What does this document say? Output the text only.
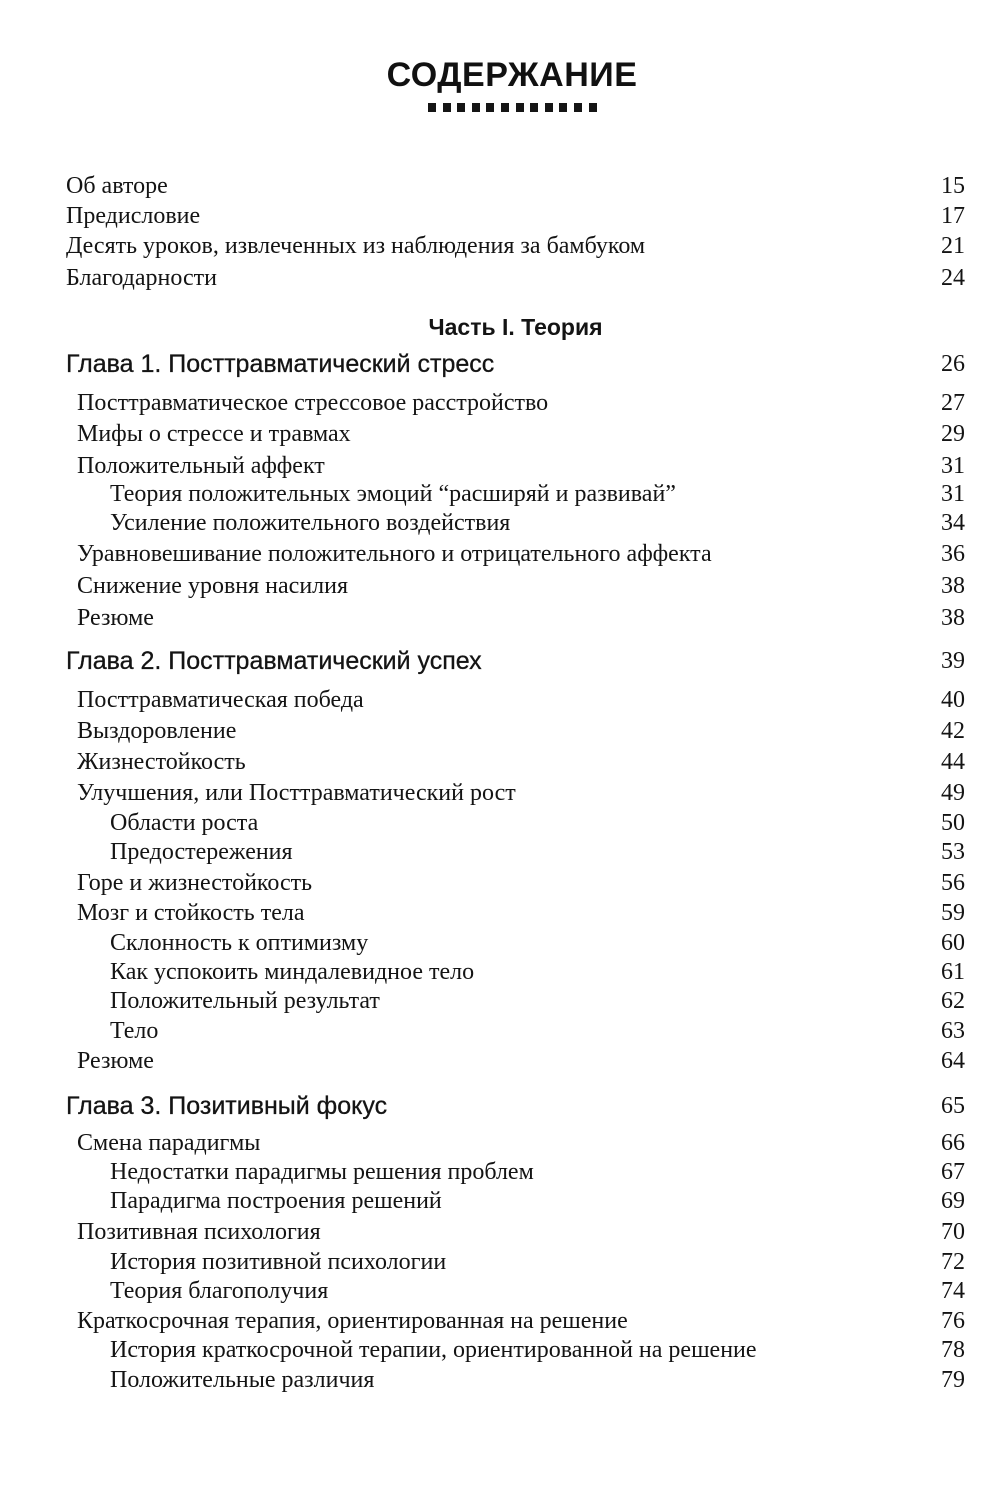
СОДЕРЖАНИЕ
Об авторе	15
Предисловие	17
Десять уроков, извлеченных из наблюдения за бамбуком	21
Благодарности	24
Часть I. Теория
Глава 1. Посттравматический стресс	26
Посттравматическое стрессовое расстройство	27
Мифы о стрессе и травмах	29
Положительный аффект	31
Теория положительных эмоций “расширяй и развивай”	31
Усиление положительного воздействия	34
Уравновешивание положительного и отрицательного аффекта	36
Снижение уровня насилия	38
Резюме	38
Глава 2. Посттравматический успех	39
Посттравматическая победа	40
Выздоровление	42
Жизнестойкость	44
Улучшения, или Посттравматический рост	49
Области роста	50
Предостережения	53
Горе и жизнестойкость	56
Мозг и стойкость тела	59
Склонность к оптимизму	60
Как успокоить миндалевидное тело	61
Положительный результат	62
Тело	63
Резюме	64
Глава 3. Позитивный фокус	65
Смена парадигмы	66
Недостатки парадигмы решения проблем	67
Парадигма построения решений	69
Позитивная психология	70
История позитивной психологии	72
Теория благополучия	74
Краткосрочная терапия, ориентированная на решение	76
История краткосрочной терапии, ориентированной на решение	78
Положительные различия	79
